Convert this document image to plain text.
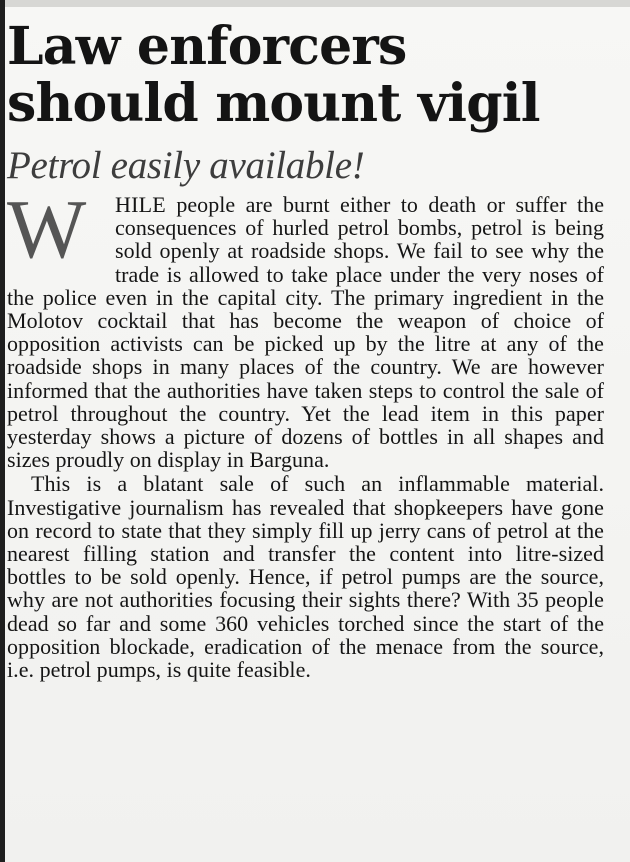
Law enforcers should mount vigil
Petrol easily available!

W	HILE people are burnt either to death or suffer the consequences of hurled petrol bombs, petrol is being sold openly at roadside shops. We fail to see why the trade is allowed to take place under the very noses of the police even in the capital city. The primary ingredient in the Molotov cocktail that has become the weapon of choice of opposition activists can be picked up by the litre at any of the roadside shops in many places of the country. We are however informed that the authorities have taken steps to control the sale of petrol throughout the country. Yet the lead item in this paper yesterday shows a picture of dozens of bottles in all shapes and sizes proudly on display in Barguna.

This is a blatant sale of such an inflammable material. Investigative journalism has revealed that shopkeepers have gone on record to state that they simply fill up jerry cans of petrol at the nearest filling station and transfer the content into litre-sized bottles to be sold openly. Hence, if petrol pumps are the source, why are not authorities focusing their sights there? With 35 people dead so far and some 360 vehicles torched since the start of the opposition blockade, eradication of the menace from the source, i.e. petrol pumps, is quite feasible.
